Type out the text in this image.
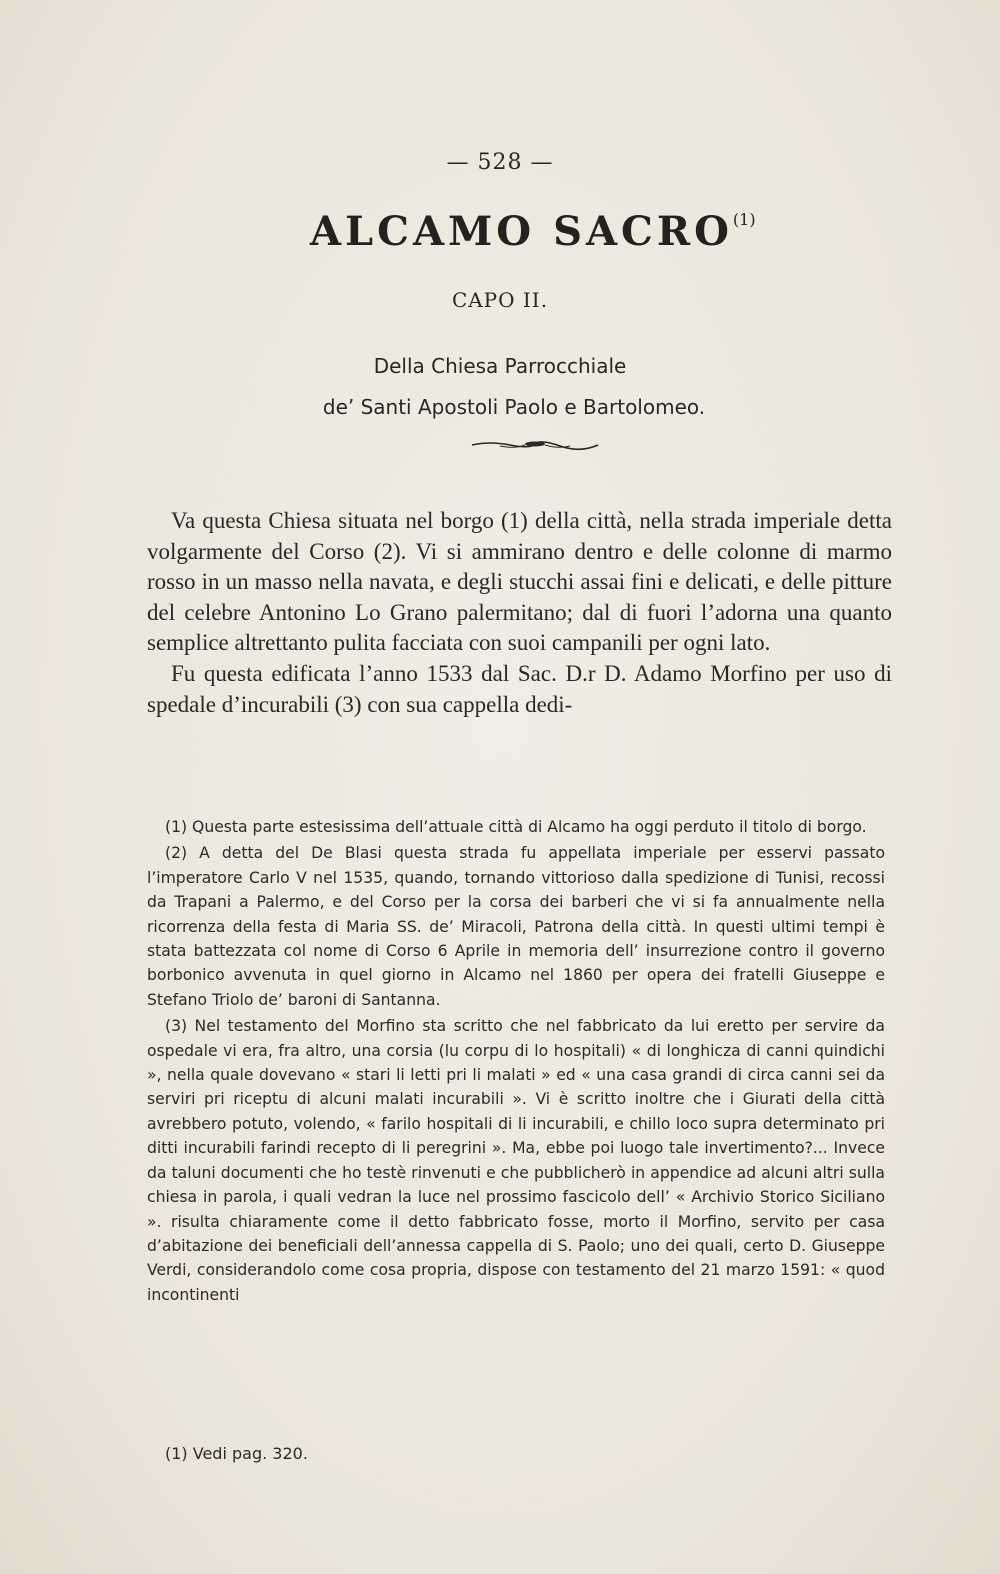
— 528 —
ALCAMO SACRO$^{(1)}$
CAPO II.
Della Chiesa Parrocchiale
de’ Santi Apostoli Paolo e Bartolomeo.

Va questa Chiesa situata nel borgo (1) della città, nella strada imperiale detta volgarmente del Corso (2). Vi si ammirano dentro e delle colonne di marmo rosso in un masso nella navata, e degli stucchi assai fini e delicati, e delle pitture del celebre Antonino Lo Grano palermitano; dal di fuori l’adorna una quanto semplice altrettanto pulita facciata con suoi campanili per ogni lato.

Fu questa edificata l’anno 1533 dal Sac. D.r D. Adamo Morfino per uso di spedale d’incurabili (3) con sua cappella dedi-

(1) Questa parte estesissima dell’attuale città di Alcamo ha oggi perduto il titolo di borgo.

(2) A detta del De Blasi questa strada fu appellata imperiale per esservi passato l’imperatore Carlo V nel 1535, quando, tornando vittorioso dalla spedizione di Tunisi, recossi da Trapani a Palermo, e del Corso per la corsa dei barberi che vi si fa annualmente nella ricorrenza della festa di Maria SS. de’ Miracoli, Patrona della città. In questi ultimi tempi è stata battezzata col nome di Corso 6 Aprile in memoria dell’ insurrezione contro il governo borbonico avvenuta in quel giorno in Alcamo nel 1860 per opera dei fratelli Giuseppe e Stefano Triolo de’ baroni di Santanna.

(3) Nel testamento del Morfino sta scritto che nel fabbricato da lui eretto per servire da ospedale vi era, fra altro, una corsia (lu corpu di lo hospitali) « di longhicza di canni quindichi », nella quale dovevano « stari li letti pri li malati » ed « una casa grandi di circa canni sei da serviri pri riceptu di alcuni malati incurabili ». Vi è scritto inoltre che i Giurati della città avrebbero potuto, volendo, « farilo hospitali di li incurabili, e chillo loco supra determinato pri ditti incurabili farindi recepto di li peregrini ». Ma, ebbe poi luogo tale invertimento?... Invece da taluni documenti che ho testè rinvenuti e che pubblicherò in appendice ad alcuni altri sulla chiesa in parola, i quali vedran la luce nel prossimo fascicolo dell’ « Archivio Storico Siciliano ». risulta chiaramente come il detto fabbricato fosse, morto il Morfino, servito per casa d’abitazione dei beneficiali dell’annessa cappella di S. Paolo; uno dei quali, certo D. Giuseppe Verdi, considerandolo come cosa propria, dispose con testamento del 21 marzo 1591: « quod incontinenti

(1) Vedi pag. 320.
